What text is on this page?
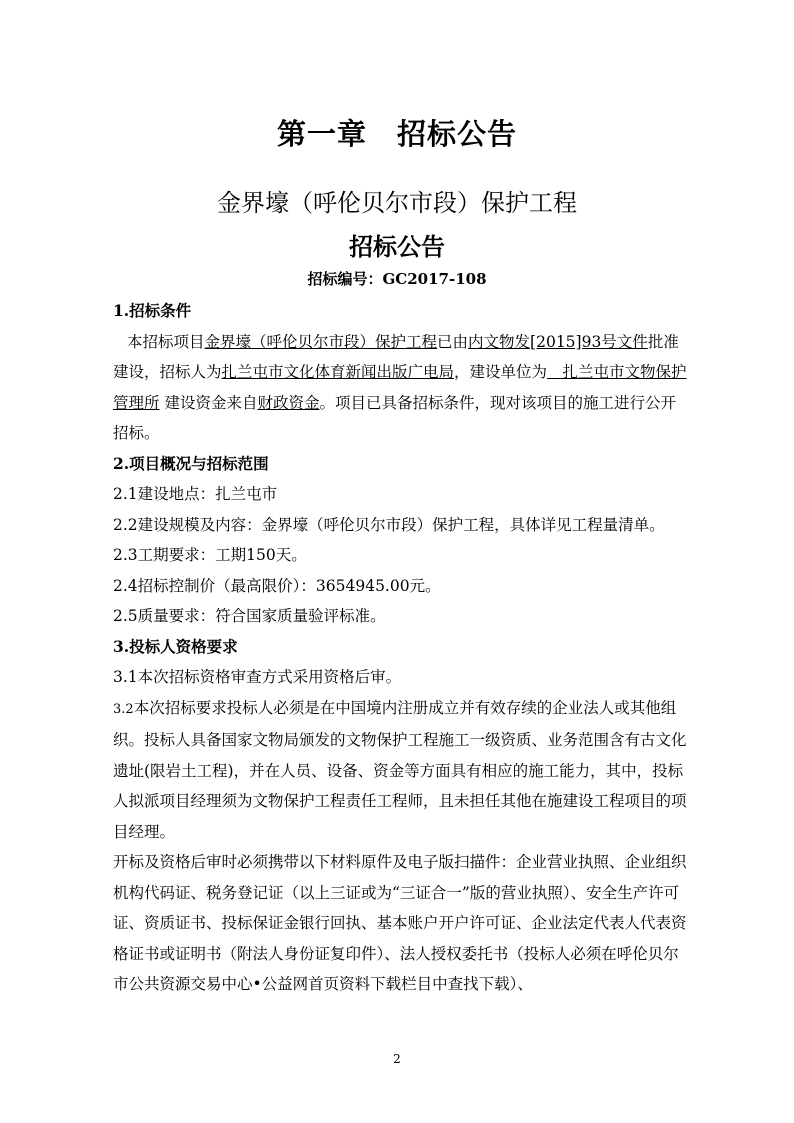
第一章　招标公告
金界壕（呼伦贝尔市段）保护工程
招标公告
招标编号：GC2017-108

1.招标条件

本招标项目金界壕（呼伦贝尔市段）保护工程已由内文物发[2015]93号文件批准建设，招标人为扎兰屯市文化体育新闻出版广电局，建设单位为　扎兰屯市文物保护管理所 建设资金来自财政资金。项目已具备招标条件，现对该项目的施工进行公开招标。

2.项目概况与招标范围

2.1建设地点：扎兰屯市

2.2建设规模及内容：金界壕（呼伦贝尔市段）保护工程，具体详见工程量清单。

2.3工期要求：工期150天。

2.4招标控制价（最高限价）：3654945.00元。

2.5质量要求：符合国家质量验评标准。

3.投标人资格要求

3.1本次招标资格审查方式采用资格后审。

3.2本次招标要求投标人必须是在中国境内注册成立并有效存续的企业法人或其他组织。投标人具备国家文物局颁发的文物保护工程施工一级资质、业务范围含有古文化遗址(限岩土工程)，并在人员、设备、资金等方面具有相应的施工能力，其中，投标人拟派项目经理须为文物保护工程责任工程师，且未担任其他在施建设工程项目的项目经理。

开标及资格后审时必须携带以下材料原件及电子版扫描件：企业营业执照、企业组织机构代码证、税务登记证（以上三证或为“三证合一”版的营业执照）、安全生产许可证、资质证书、投标保证金银行回执、基本账户开户许可证、企业法定代表人代表资格证书或证明书（附法人身份证复印件）、法人授权委托书（投标人必须在呼伦贝尔市公共资源交易中心•公益网首页资料下载栏目中查找下载）、

2
